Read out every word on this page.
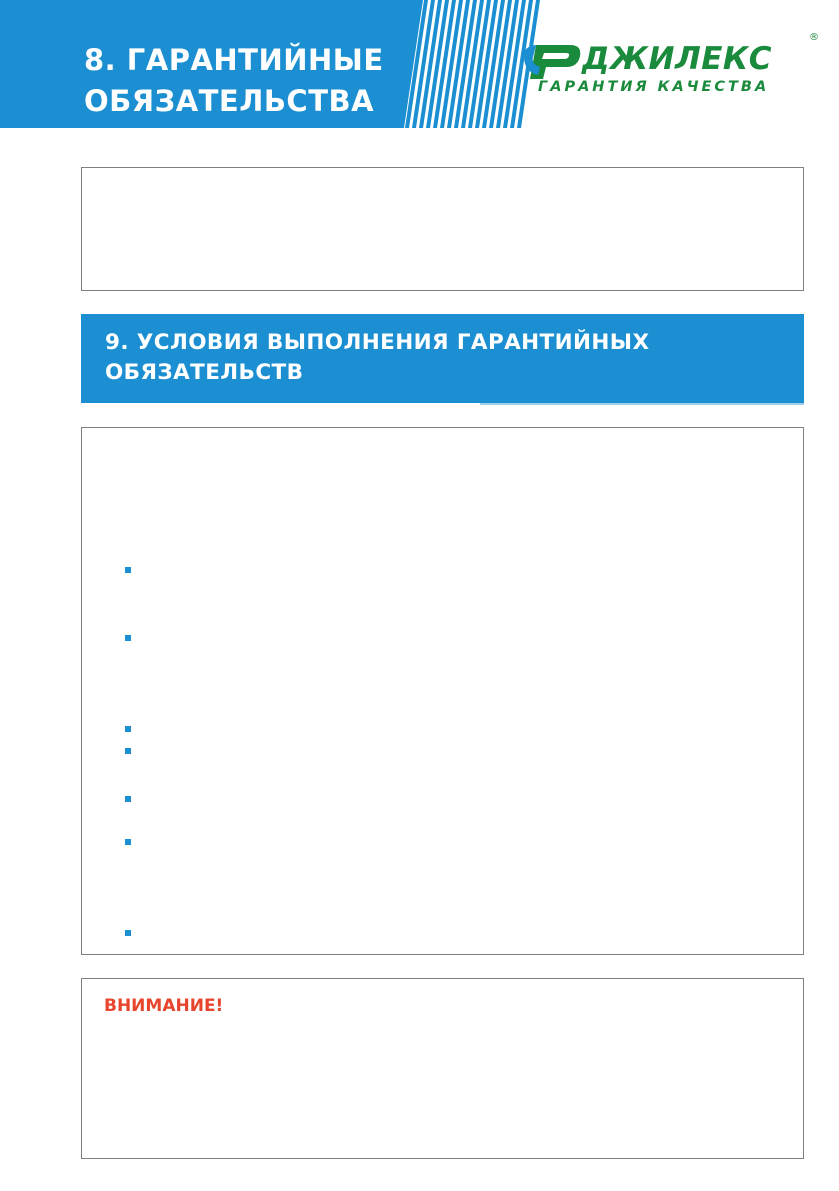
8. ГАРАНТИЙНЫЕ
ОБЯЗАТЕЛЬСТВА
ДЖИЛЕКС
®
ГАРАНТИЯ КАЧЕСТВА
9. УСЛОВИЯ ВЫПОЛНЕНИЯ ГАРАНТИЙНЫХ
ОБЯЗАТЕЛЬСТВ
ВНИМАНИЕ!
